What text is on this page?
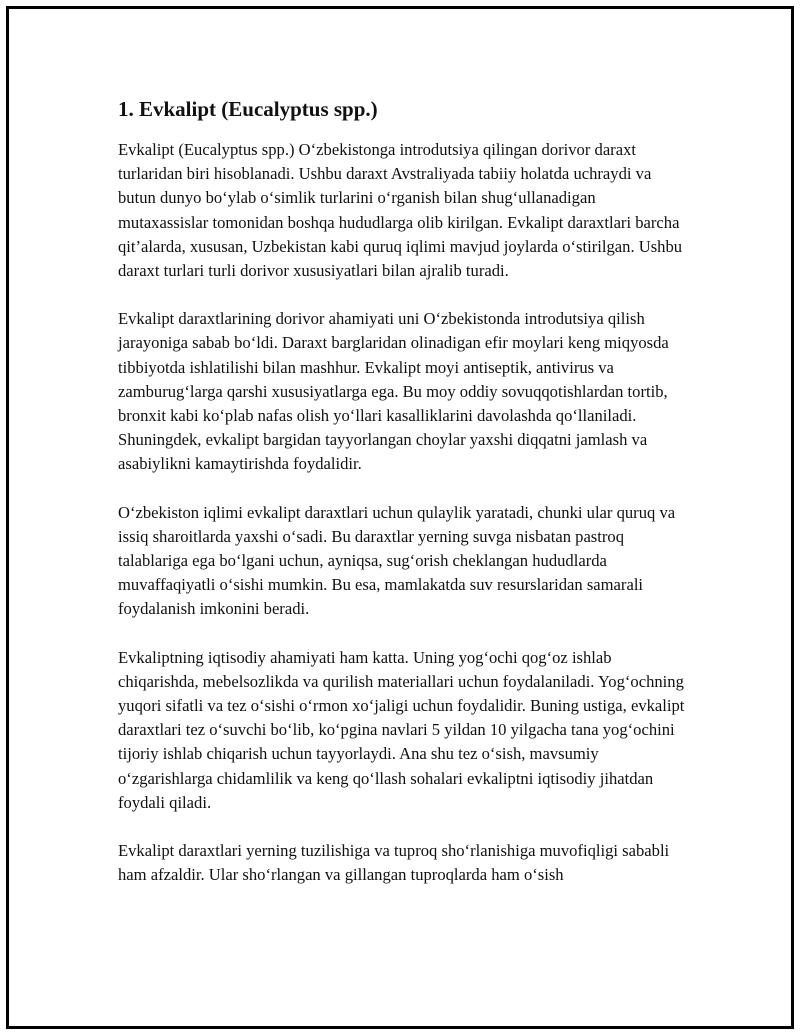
1. Evkalipt (Eucalyptus spp.)

Evkalipt (Eucalyptus spp.) O‘zbekistonga introdutsiya qilingan dorivor daraxt turlaridan biri hisoblanadi. Ushbu daraxt Avstraliyada tabiiy holatda uchraydi va butun dunyo bo‘ylab o‘simlik turlarini o‘rganish bilan shug‘ullanadigan mutaxassislar tomonidan boshqa hududlarga olib kirilgan. Evkalipt daraxtlari barcha qit’alarda, xususan, Uzbekistan kabi quruq iqlimi mavjud joylarda o‘stirilgan. Ushbu daraxt turlari turli dorivor xususiyatlari bilan ajralib turadi.

Evkalipt daraxtlarining dorivor ahamiyati uni O‘zbekistonda introdutsiya qilish jarayoniga sabab bo‘ldi. Daraxt barglaridan olinadigan efir moylari keng miqyosda tibbiyotda ishlatilishi bilan mashhur. Evkalipt moyi antiseptik, antivirus va zamburug‘larga qarshi xususiyatlarga ega. Bu moy oddiy sovuqqotishlardan tortib, bronxit kabi ko‘plab nafas olish yo‘llari kasalliklarini davolashda qo‘llaniladi. Shuningdek, evkalipt bargidan tayyorlangan choylar yaxshi diqqatni jamlash va asabiylikni kamaytirishda foydalidir.

O‘zbekiston iqlimi evkalipt daraxtlari uchun qulaylik yaratadi, chunki ular quruq va issiq sharoitlarda yaxshi o‘sadi. Bu daraxtlar yerning suvga nisbatan pastroq talablariga ega bo‘lgani uchun, ayniqsa, sug‘orish cheklangan hududlarda muvaffaqiyatli o‘sishi mumkin. Bu esa, mamlakatda suv resurslaridan samarali foydalanish imkonini beradi.

Evkaliptning iqtisodiy ahamiyati ham katta. Uning yog‘ochi qog‘oz ishlab chiqarishda, mebelsozlikda va qurilish materiallari uchun foydalaniladi. Yog‘ochning yuqori sifatli va tez o‘sishi o‘rmon xo‘jaligi uchun foydalidir. Buning ustiga, evkalipt daraxtlari tez o‘suvchi bo‘lib, ko‘pgina navlari 5 yildan 10 yilgacha tana yog‘ochini tijoriy ishlab chiqarish uchun tayyorlaydi. Ana shu tez o‘sish, mavsumiy o‘zgarishlarga chidamlilik va keng qo‘llash sohalari evkaliptni iqtisodiy jihatdan foydali qiladi.

Evkalipt daraxtlari yerning tuzilishiga va tuproq sho‘rlanishiga muvofiqligi sababli ham afzaldir. Ular sho‘rlangan va gillangan tuproqlarda ham o‘sish
